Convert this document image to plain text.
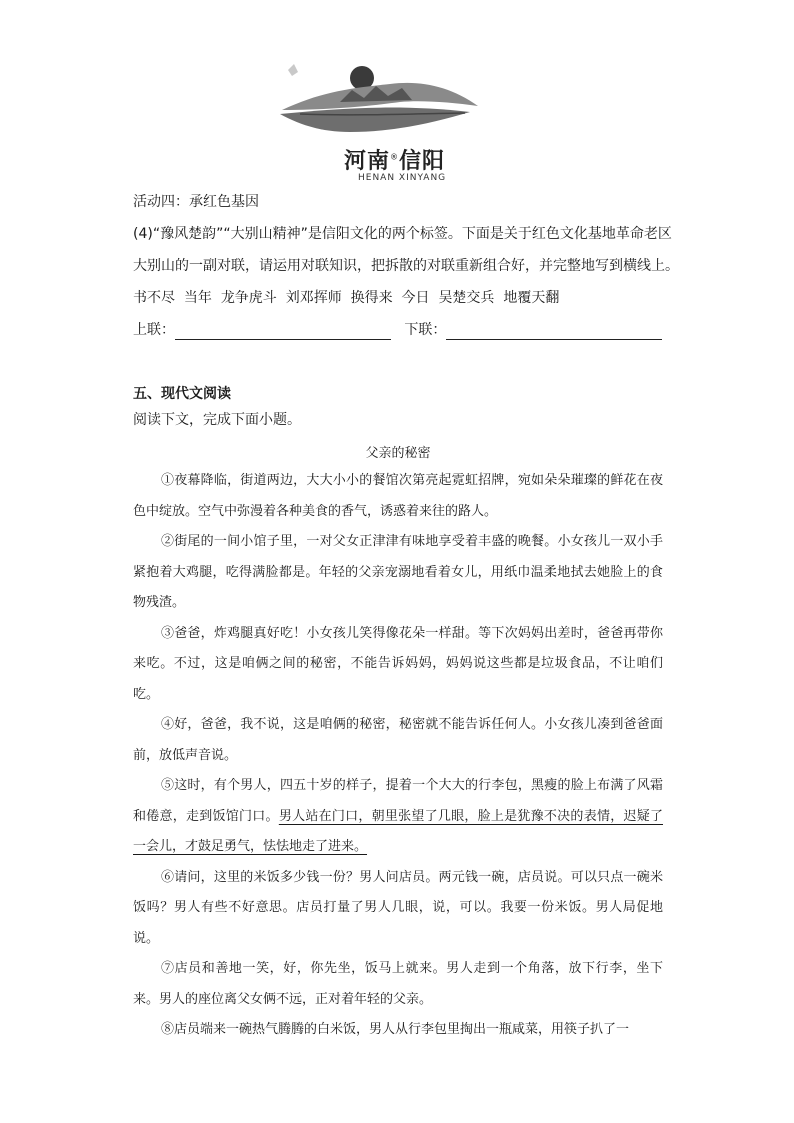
河南®信阳
HENAN XINYANG
活动四：承红色基因
(4)“豫风楚韵”“大别山精神”是信阳文化的两个标签。下面是关于红色文化基地革命老区
大别山的一副对联，请运用对联知识，把拆散的对联重新组合好，并完整地写到横线上。
书不尽 当年 龙争虎斗 刘邓挥师 换得来 今日 吴楚交兵 地覆天翻
上联：	下联：
五、现代文阅读
阅读下文，完成下面小题。
父亲的秘密

①夜幕降临，街道两边，大大小小的餐馆次第亮起霓虹招牌，宛如朵朵璀璨的鲜花在夜色中绽放。空气中弥漫着各种美食的香气，诱惑着来往的路人。

②街尾的一间小馆子里，一对父女正津津有味地享受着丰盛的晚餐。小女孩儿一双小手紧抱着大鸡腿，吃得满脸都是。年轻的父亲宠溺地看着女儿，用纸巾温柔地拭去她脸上的食物残渣。

③爸爸，炸鸡腿真好吃！小女孩儿笑得像花朵一样甜。等下次妈妈出差时，爸爸再带你来吃。不过，这是咱俩之间的秘密，不能告诉妈妈，妈妈说这些都是垃圾食品，不让咱们吃。

④好，爸爸，我不说，这是咱俩的秘密，秘密就不能告诉任何人。小女孩儿凑到爸爸面前，放低声音说。

⑤这时，有个男人，四五十岁的样子，提着一个大大的行李包，黑瘦的脸上布满了风霜和倦意，走到饭馆门口。男人站在门口，朝里张望了几眼，脸上是犹豫不决的表情，迟疑了一会儿，才鼓足勇气，怯怯地走了进来。

⑥请问，这里的米饭多少钱一份？男人问店员。两元钱一碗，店员说。可以只点一碗米饭吗？男人有些不好意思。店员打量了男人几眼，说，可以。我要一份米饭。男人局促地说。

⑦店员和善地一笑，好，你先坐，饭马上就来。男人走到一个角落，放下行李，坐下来。男人的座位离父女俩不远，正对着年轻的父亲。

⑧店员端来一碗热气腾腾的白米饭，男人从行李包里掏出一瓶咸菜，用筷子扒了一
